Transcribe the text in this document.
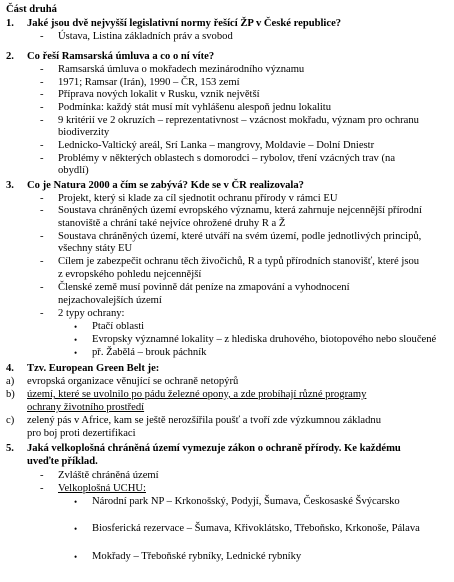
Část druhá
1. Jaké jsou dvě nejvyšší legislativní normy řešící ŽP v České republice?
- Ústava, Listina základních práv a svobod
2. Co řeší Ramsarská úmluva a co o ní víte?
- Ramsarská úmluva o mokřadech mezinárodního významu
- 1971; Ramsar (Irán), 1990 – ČR, 153 zemí
- Příprava nových lokalit v Rusku, vznik největší
- Podmínka: každý stát musí mít vyhlášenu alespoň jednu lokalitu
- 9 kritérií ve 2 okruzích – reprezentativnost – vzácnost mokřadu, význam pro ochranu
biodiverzity
- Lednicko-Valtický areál, Srí Lanka – mangrovy, Moldavie – Dolní Dniestr
- Problémy v některých oblastech s domorodci – rybolov, tření vzácných trav (na
obydlí)
3. Co je Natura 2000 a čím se zabývá? Kde se v ČR realizovala?
- Projekt, který si klade za cíl sjednotit ochranu přírody v rámci EU
- Soustava chráněných území evropského významu, která zahrnuje nejcennější přírodní
stanoviště a chrání také nejvíce ohrožené druhy R a Ž
- Soustava chráněných území, které utváří na svém území, podle jednotlivých principů,
všechny státy EU
- Cílem je zabezpečit ochranu těch živočichů, R a typů přírodních stanovišť, které jsou
z evropského pohledu nejcennější
- Členské země musí povinně dát peníze na zmapování a vyhodnocení
nejzachovalejších území
- 2 typy ochrany:
• Ptačí oblasti
• Evropsky významné lokality – z hlediska druhového, biotopového nebo sloučené
• př. Žabělá – brouk páchník
4. Tzv. European Green Belt je:
a) evropská organizace věnující se ochraně netopýrů
b) území, které se uvolnilo po pádu železné opony, a zde probíhají různé programy
ochrany životního prostředí
c) zelený pás v Africe, kam se ještě nerozšířila poušť a tvoří zde výzkumnou základnu
pro boj proti dezertifikaci
5. Jaká velkoplošná chráněná území vymezuje zákon o ochraně přírody. Ke každému
uveďte příklad.
- Zvláště chráněná území
- Velkoplošná UCHU:
• Národní park NP – Krkonošský, Podyjí, Šumava, Českosaské Švýcarsko
• Biosferická rezervace – Šumava, Křivoklátsko, Třeboňsko, Krkonoše, Pálava
• Mokřady – Třeboňské rybníky, Lednické rybníky
